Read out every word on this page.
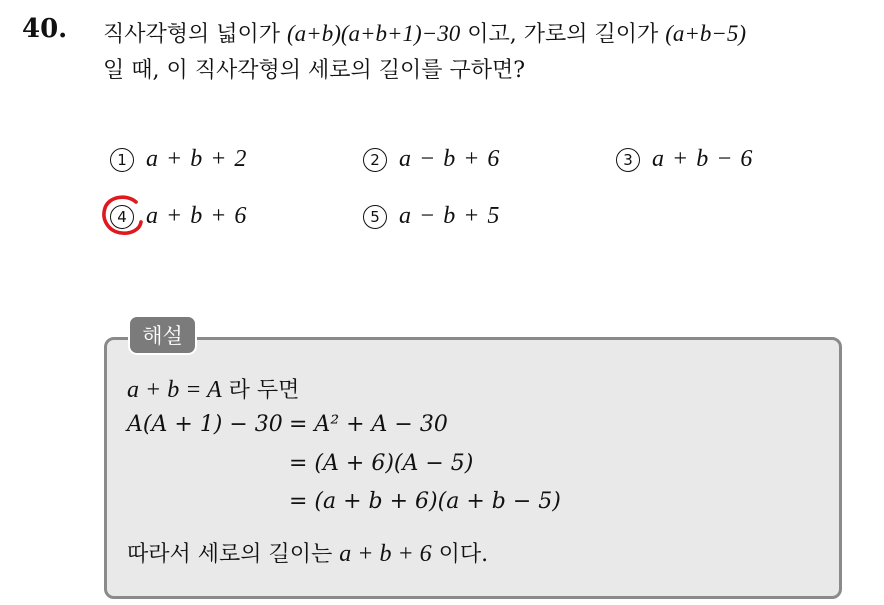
40. 직사각형의 넓이가 (a+b)(a+b+1)−30 이고, 가로의 길이가 (a+b−5)
일 때, 이 직사각형의 세로의 길이를 구하면?
1 a + b + 2	2 a − b + 6	3 a + b − 6
4 a + b + 6	5 a − b + 5
해설
a + b = A 라 두면
A(A + 1) − 30 = A² + A − 30
= (A + 6)(A − 5)
= (a + b + 6)(a + b − 5)
따라서 세로의 길이는 a + b + 6 이다.
